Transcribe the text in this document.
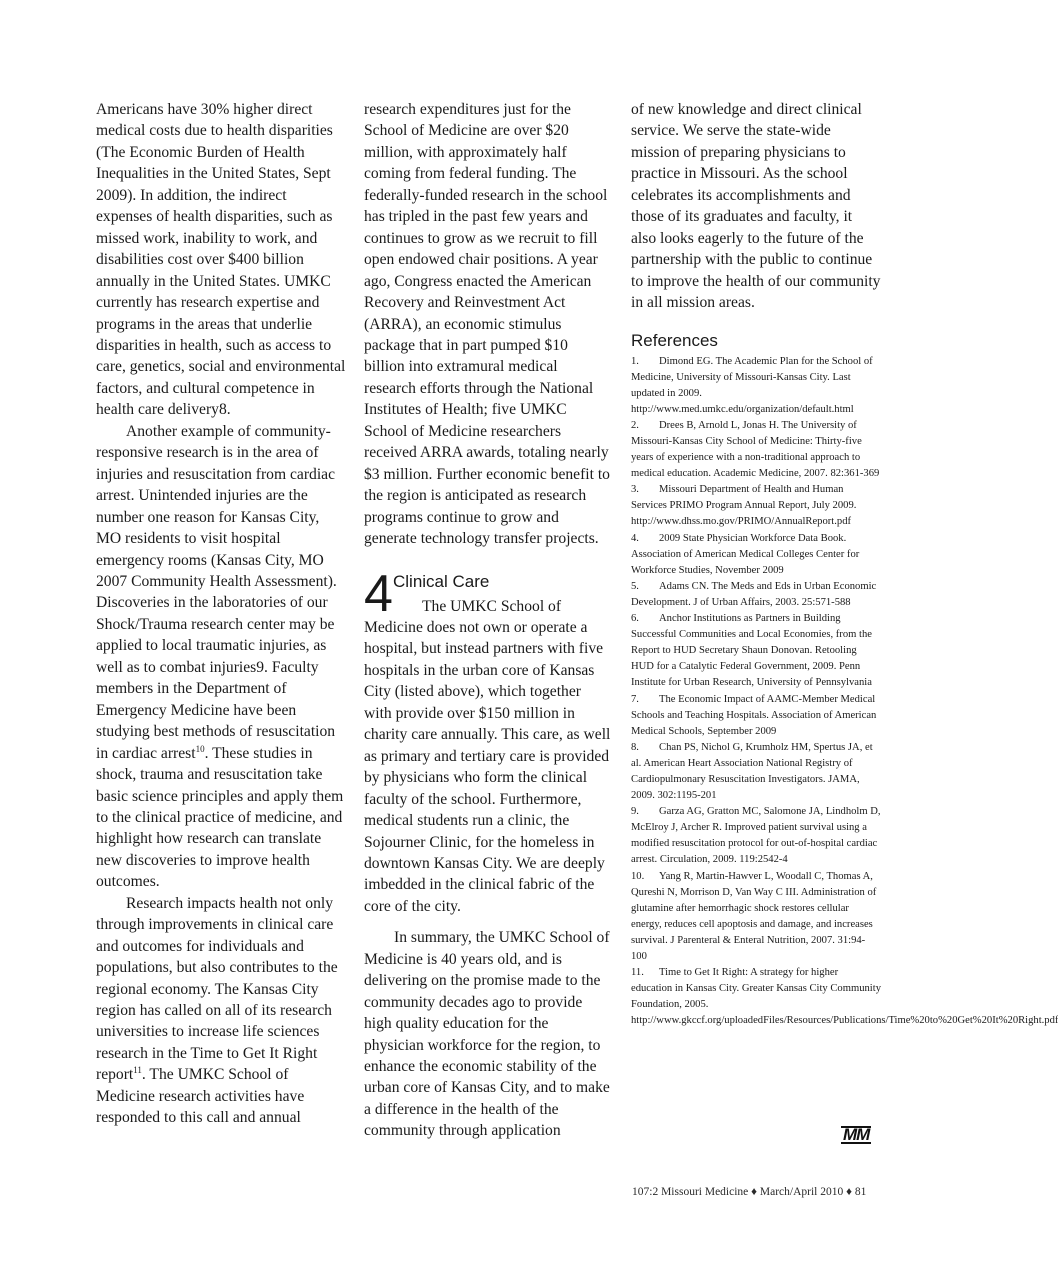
Americans have 30% higher direct medical costs due to health disparities (The Economic Burden of Health Inequalities in the United States, Sept 2009). In addition, the indirect expenses of health disparities, such as missed work, inability to work, and disabilities cost over $400 billion annually in the United States. UMKC currently has research expertise and programs in the areas that underlie disparities in health, such as access to care, genetics, social and environmental factors, and cultural competence in health care delivery8.

Another example of community-responsive research is in the area of injuries and resuscitation from cardiac arrest. Unintended injuries are the number one reason for Kansas City, MO residents to visit hospital emergency rooms (Kansas City, MO 2007 Community Health Assessment). Discoveries in the laboratories of our Shock/Trauma research center may be applied to local traumatic injuries, as well as to combat injuries9. Faculty members in the Department of Emergency Medicine have been studying best methods of resuscitation in cardiac arrest$^{10}$. These studies in shock, trauma and resuscitation take basic science principles and apply them to the clinical practice of medicine, and highlight how research can translate new discoveries to improve health outcomes.

Research impacts health not only through improvements in clinical care and outcomes for individuals and populations, but also contributes to the regional economy. The Kansas City region has called on all of its research universities to increase life sciences research in the Time to Get It Right report$^{11}$. The UMKC School of Medicine research activities have responded to this call and annual

research expenditures just for the School of Medicine are over $20 million, with approximately half coming from federal funding. The federally-funded research in the school has tripled in the past few years and continues to grow as we recruit to fill open endowed chair positions. A year ago, Congress enacted the American Recovery and Reinvestment Act (ARRA), an economic stimulus package that in part pumped $10 billion into extramural medical research efforts through the National Institutes of Health; five UMKC School of Medicine researchers received ARRA awards, totaling nearly $3 million. Further economic benefit to the region is anticipated as research programs continue to grow and generate technology transfer projects.

4 Clinical Care

The UMKC School of

Medicine does not own or operate a hospital, but instead partners with five hospitals in the urban core of Kansas City (listed above), which together with provide over $150 million in charity care annually. This care, as well as primary and tertiary care is provided by physicians who form the clinical faculty of the school. Furthermore, medical students run a clinic, the Sojourner Clinic, for the homeless in downtown Kansas City. We are deeply imbedded in the clinical fabric of the core of the city.

In summary, the UMKC School of Medicine is 40 years old, and is delivering on the promise made to the community decades ago to provide high quality education for the physician workforce for the region, to enhance the economic stability of the urban core of Kansas City, and to make a difference in the health of the community through application

of new knowledge and direct clinical service. We serve the state-wide mission of preparing physicians to practice in Missouri. As the school celebrates its accomplishments and those of its graduates and faculty, it also looks eagerly to the future of the partnership with the public to continue to improve the health of our community in all mission areas.

References
1. Dimond EG. The Academic Plan for the School of Medicine, University of Missouri-Kansas City. Last updated in 2009. http://www.med.umkc.edu/organization/default.html
2. Drees B, Arnold L, Jonas H. The University of Missouri-Kansas City School of Medicine: Thirty-five years of experience with a non-traditional approach to medical education. Academic Medicine, 2007. 82:361-369
3. Missouri Department of Health and Human Services PRIMO Program Annual Report, July 2009. http://www.dhss.mo.gov/PRIMO/AnnualReport.pdf
4. 2009 State Physician Workforce Data Book. Association of American Medical Colleges Center for Workforce Studies, November 2009
5. Adams CN. The Meds and Eds in Urban Economic Development. J of Urban Affairs, 2003. 25:571-588
6. Anchor Institutions as Partners in Building Successful Communities and Local Economies, from the Report to HUD Secretary Shaun Donovan. Retooling HUD for a Catalytic Federal Government, 2009. Penn Institute for Urban Research, University of Pennsylvania
7. The Economic Impact of AAMC-Member Medical Schools and Teaching Hospitals. Association of American Medical Schools, September 2009
8. Chan PS, Nichol G, Krumholz HM, Spertus JA, et al. American Heart Association National Registry of Cardiopulmonary Resuscitation Investigators. JAMA, 2009. 302:1195-201
9. Garza AG, Gratton MC, Salomone JA, Lindholm D, McElroy J, Archer R. Improved patient survival using a modified resuscitation protocol for out-of-hospital cardiac arrest. Circulation, 2009. 119:2542-4
10. Yang R, Martin-Hawver L, Woodall C, Thomas A, Qureshi N, Morrison D, Van Way C III. Administration of glutamine after hemorrhagic shock restores cellular energy, reduces cell apoptosis and damage, and increases survival. J Parenteral & Enteral Nutrition, 2007. 31:94-100
11. Time to Get It Right: A strategy for higher education in Kansas City. Greater Kansas City Community Foundation, 2005. http://www.gkccf.org/uploadedFiles/Resources/Publications/Time%20to%20Get%20It%20Right.pdf
MM
107:2 Missouri Medicine ♦ March/April 2010 ♦ 81
